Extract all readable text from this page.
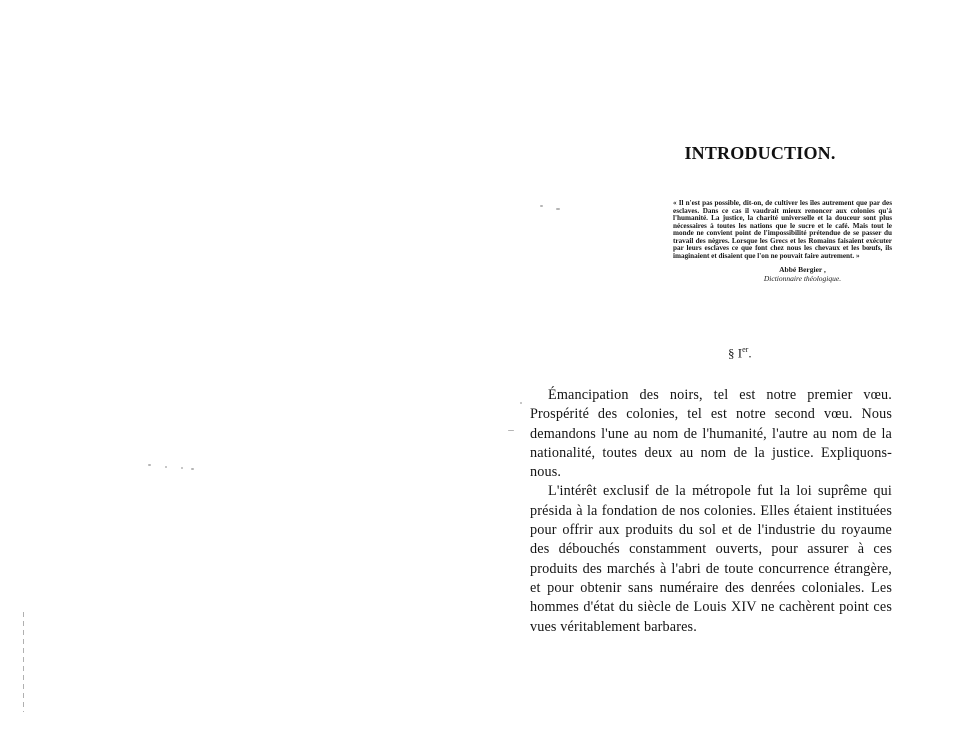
INTRODUCTION.

« Il n'est pas possible, dit-on, de cultiver les îles autrement que par des esclaves. Dans ce cas il vaudrait mieux renoncer aux colonies qu'à l'humanité. La justice, la charité universelle et la douceur sont plus nécessaires à toutes les nations que le sucre et le café. Mais tout le monde ne convient point de l'impossibilité prétendue de se passer du travail des nègres. Lorsque les Grecs et les Romains faisaient exécuter par leurs esclaves ce que font chez nous les chevaux et les bœufs, ils imaginaient et disaient que l'on ne pouvait faire autrement. »

Abbé Bergier ,
Dictionnaire théologique.
§ Ier.

Émancipation des noirs, tel est notre premier vœu. Prospérité des colonies, tel est notre second vœu. Nous demandons l'une au nom de l'humanité, l'autre au nom de la nationalité, toutes deux au nom de la justice. Expliquons-nous.

L'intérêt exclusif de la métropole fut la loi suprême qui présida à la fondation de nos colonies. Elles étaient instituées pour offrir aux produits du sol et de l'industrie du royaume des débouchés constamment ouverts, pour assurer à ces produits des marchés à l'abri de toute concurrence étrangère, et pour obtenir sans numéraire des denrées coloniales. Les hommes d'état du siècle de Louis XIV ne cachèrent point ces vues véritablement barbares.
